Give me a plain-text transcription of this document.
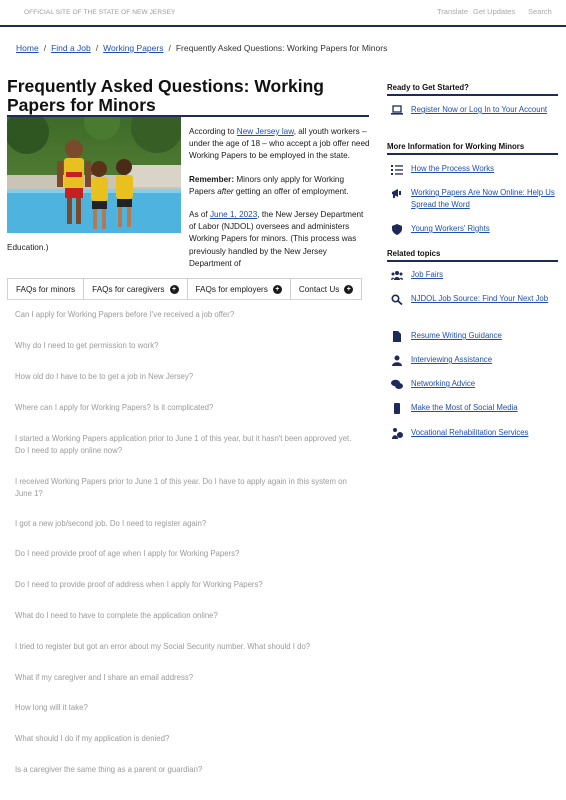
OFFICIAL SITE OF THE STATE OF NEW JERSEY	Translate Get Updates Search
Home / Find a Job / Working Papers / Frequently Asked Questions: Working Papers for Minors
Frequently Asked Questions: Working Papers for Minors

According to New Jersey law, all youth workers – under the age of 18 – who accept a job offer need Working Papers to be employed in the state.

Remember: Minors only apply for Working Papers after getting an offer of employment.

As of June 1, 2023, the New Jersey Department of Labor (NJDOL) oversees and administers Working Papers for minors. (This process was previously handled by the New Jersey Department of

Education.)
FAQs for minors FAQs for caregivers	+ FAQs for employers	+ Contact Us	+
Can I apply for Working Papers before I've received a job offer?
Why do I need to get permission to work?
How old do I have to be to get a job in New Jersey?
Where can I apply for Working Papers? Is it complicated?
I started a Working Papers application prior to June 1 of this year, but it hasn't been approved yet. Do I need to apply online now?
I received Working Papers prior to June 1 of this year. Do I have to apply again in this system on June 1?
I got a new job/second job. Do I need to register again?
Do I need provide proof of age when I apply for Working Papers?
Do I need to provide proof of address when I apply for Working Papers?
What do I need to have to complete the application online?
I tried to register but got an error about my Social Security number. What should I do?
What if my caregiver and I share an email address?
How long will it take?
What should I do if my application is denied?
Is a caregiver the same thing as a parent or guardian?
Ready to Get Started?
Register Now or Log In to Your Account
More Information for Working Minors
How the Process Works
Working Papers Are Now Online: Help Us Spread the Word
Young Workers' Rights
Related topics
Job Fairs
NJDOL Job Source: Find Your Next Job
Resume Writing Guidance
Interviewing Assistance
Networking Advice
Make the Most of Social Media
Vocational Rehabilitation Services
